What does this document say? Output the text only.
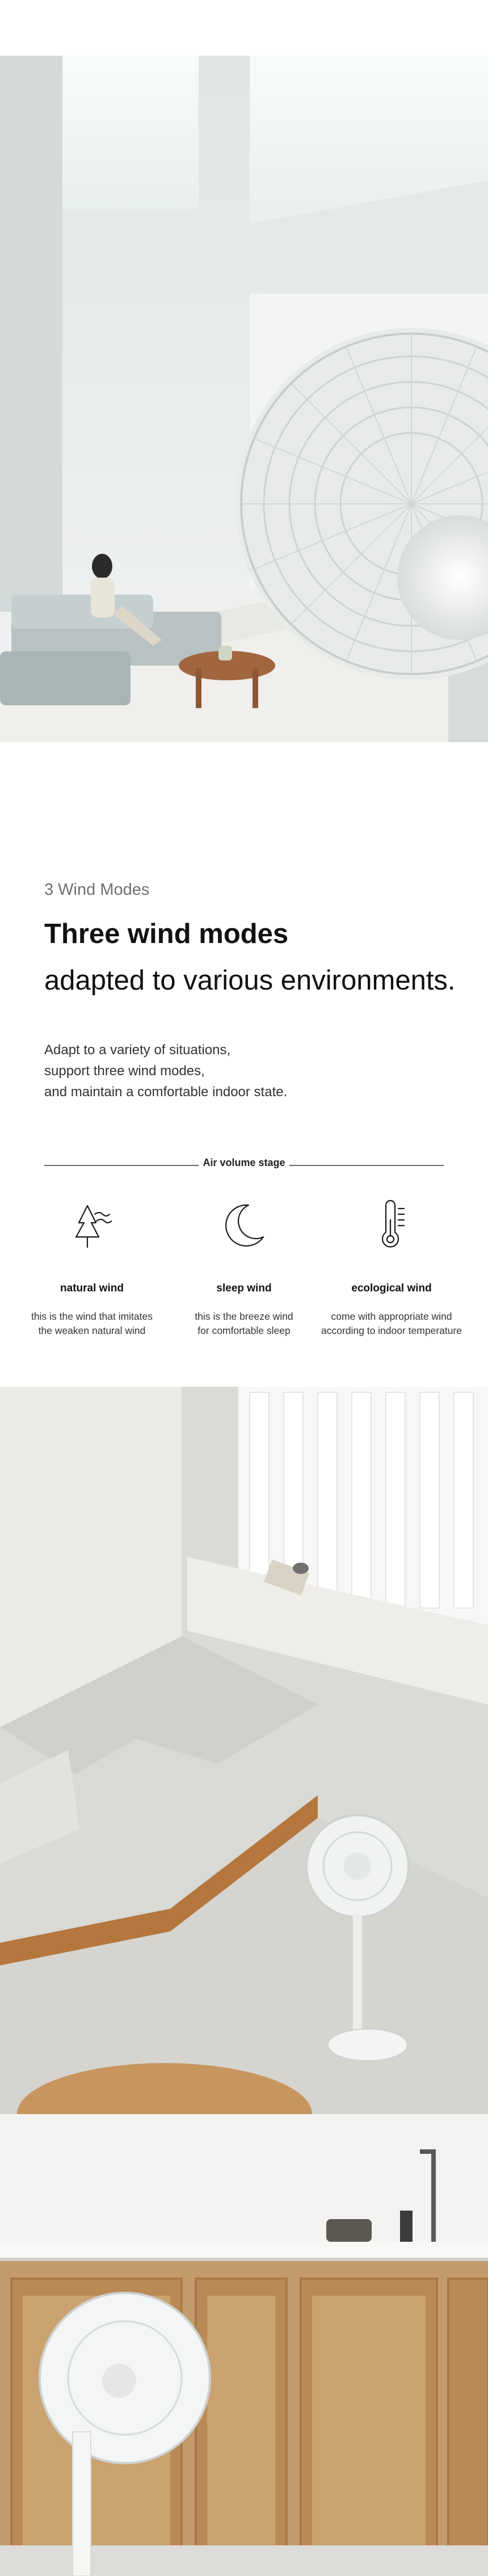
3 Wind Modes
Three wind modes
adapted to various environments.
Adapt to a variety of situations,
support three wind modes,
and maintain a comfortable indoor state.
Air volume stage
natural wind
this is the wind that imitates
the weaken natural wind
sleep wind
this is the breeze wind
for comfortable sleep
ecological wind
come with appropriate wind
according to indoor temperature
